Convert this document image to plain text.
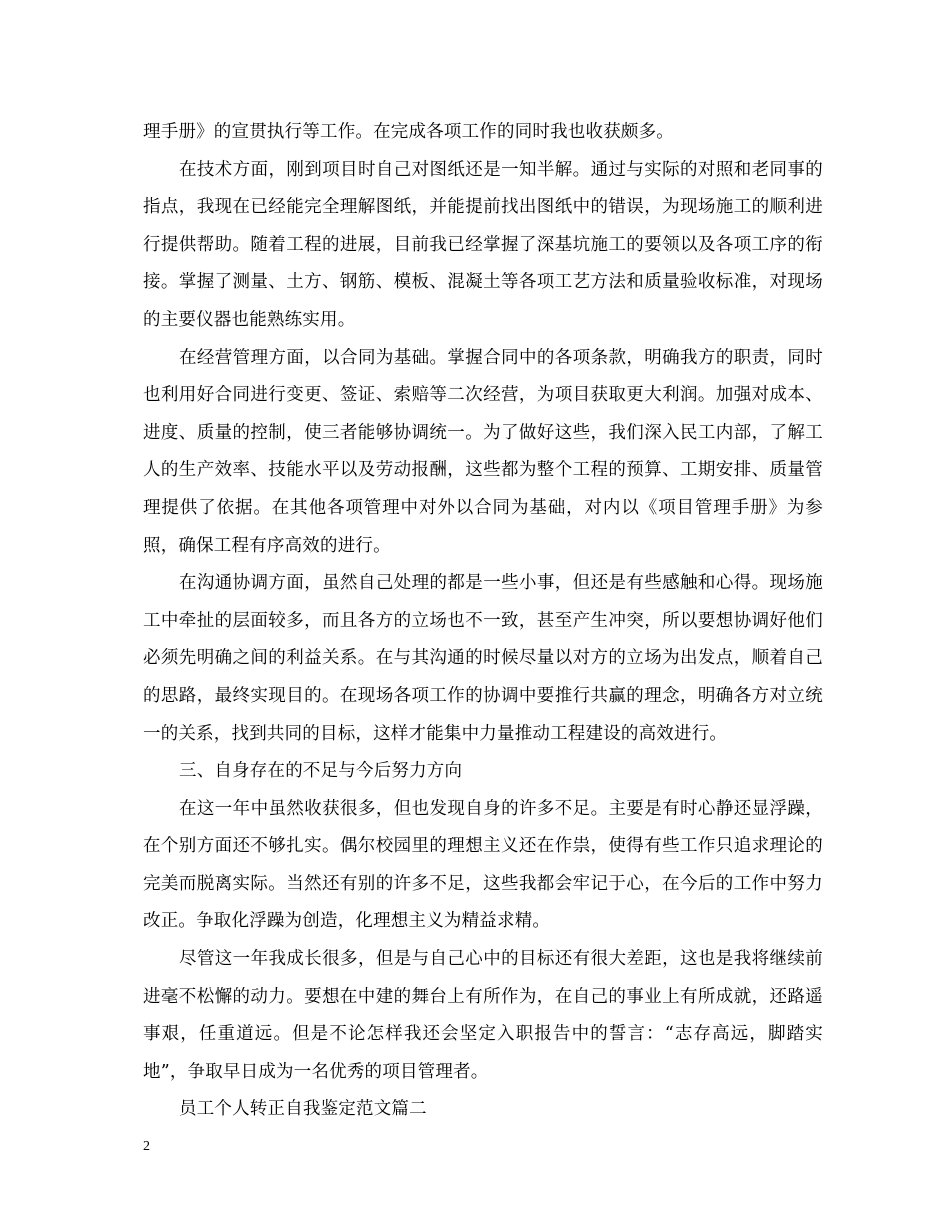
理手册》的宣贯执行等工作。在完成各项工作的同时我也收获颇多。

在技术方面，刚到项目时自己对图纸还是一知半解。通过与实际的对照和老同事的指点，我现在已经能完全理解图纸，并能提前找出图纸中的错误，为现场施工的顺利进行提供帮助。随着工程的进展，目前我已经掌握了深基坑施工的要领以及各项工序的衔接。掌握了测量、土方、钢筋、模板、混凝土等各项工艺方法和质量验收标准，对现场的主要仪器也能熟练实用。

在经营管理方面，以合同为基础。掌握合同中的各项条款，明确我方的职责，同时也利用好合同进行变更、签证、索赔等二次经营，为项目获取更大利润。加强对成本、进度、质量的控制，使三者能够协调统一。为了做好这些，我们深入民工内部，了解工人的生产效率、技能水平以及劳动报酬，这些都为整个工程的预算、工期安排、质量管理提供了依据。在其他各项管理中对外以合同为基础，对内以《项目管理手册》为参照，确保工程有序高效的进行。

在沟通协调方面，虽然自己处理的都是一些小事，但还是有些感触和心得。现场施工中牵扯的层面较多，而且各方的立场也不一致，甚至产生冲突，所以要想协调好他们必须先明确之间的利益关系。在与其沟通的时候尽量以对方的立场为出发点，顺着自己的思路，最终实现目的。在现场各项工作的协调中要推行共赢的理念，明确各方对立统一的关系，找到共同的目标，这样才能集中力量推动工程建设的高效进行。

三、自身存在的不足与今后努力方向

在这一年中虽然收获很多，但也发现自身的许多不足。主要是有时心静还显浮躁，在个别方面还不够扎实。偶尔校园里的理想主义还在作祟，使得有些工作只追求理论的完美而脱离实际。当然还有别的许多不足，这些我都会牢记于心，在今后的工作中努力改正。争取化浮躁为创造，化理想主义为精益求精。

尽管这一年我成长很多，但是与自己心中的目标还有很大差距，这也是我将继续前进毫不松懈的动力。要想在中建的舞台上有所作为，在自己的事业上有所成就，还路遥事艰，任重道远。但是不论怎样我还会坚定入职报告中的誓言：“志存高远，脚踏实地”，争取早日成为一名优秀的项目管理者。

员工个人转正自我鉴定范文篇二

2
